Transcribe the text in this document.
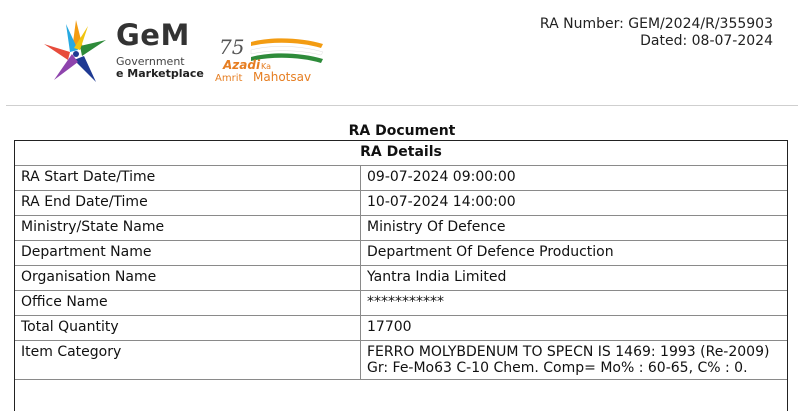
GeM
Government
e Marketplace
75
Azadi Ka
Amrit Mahotsav
RA Number: GEM/2024/R/355903
Dated: 08-07-2024
RA Document
RA Details	
RA Start Date/Time	09-07-2024 09:00:00
RA End Date/Time	10-07-2024 14:00:00
Ministry/State Name	Ministry Of Defence
Department Name	Department Of Defence Production
Organisation Name	Yantra India Limited
Office Name	***********
Total Quantity	17700
Item Category	FERRO MOLYBDENUM TO SPECN IS 1469: 1993 (Re-2009) Gr: Fe-Mo63 C-10 Chem. Comp= Mo% : 60-65, C% : 0.
